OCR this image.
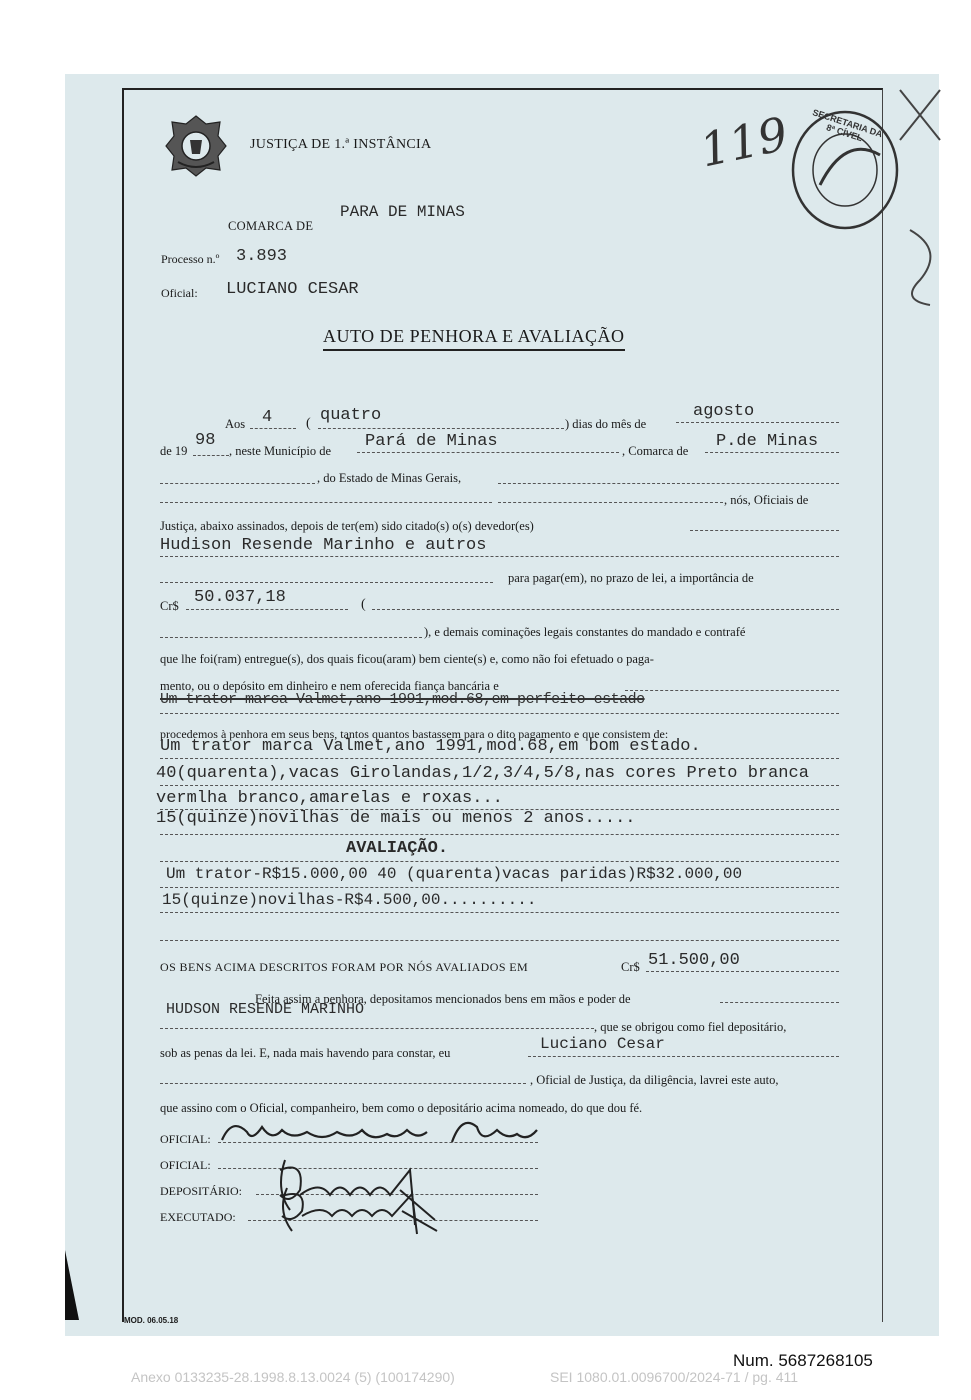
JUSTIÇA DE 1.ª INSTÂNCIA	119	SECRETARIA DA 8ª CÍVEL
COMARCA DE
PARA DE MINAS
Processo n.º 3.893
Oficial: LUCIANO CESAR
AUTO DE PENHORA E AVALIAÇÃO
Aos 4 ( quatro	) dias do mês de
agosto
de 19
98
, neste Município de Pará de Minas	, Comarca de P.de Minas
, do Estado de Minas Gerais,
, nós, Oficiais de
Justiça, abaixo assinados, depois de ter(em) sido citado(s) o(s) devedor(es)
Hudison Resende Marinho e autros
para pagar(em), no prazo de lei, a importância de
Cr$ 50.037,18	(
), e demais cominações legais constantes do mandado e contrafé
que lhe foi(ram) entregue(s), dos quais ficou(aram) bem ciente(s) e, como não foi efetuado o paga-
mento, ou o depósito em dinheiro e nem oferecida fiança bancária e
Um trator marca Valmet,ano 1991,mod.68,em perfeito estado
procedemos à penhora em seus bens, tantos quantos bastassem para o dito pagamento e que consistem de:
Um trator marca Valmet,ano 1991,mod.68,em bom estado.
40(quarenta),vacas Girolandas,1/2,3/4,5/8,nas cores Preto branca
vermlha branco,amarelas e roxas...
15(quinze)novilhas de mais ou menos 2 anos.....
AVALIAÇÃO.
Um trator-R$15.000,00 40 (quarenta)vacas paridas)R$32.000,00
15(quinze)novilhas-R$4.500,00..........
OS BENS ACIMA DESCRITOS FORAM POR NÓS AVALIADOS EM	Cr$ 51.500,00
Feita assim a penhora, depositamos mencionados bens em mãos e poder de
HUDSON RESENDE MARINHO
, que se obrigou como fiel depositário,
sob as penas da lei. E, nada mais havendo para constar, eu	Luciano Cesar
, Oficial de Justiça, da diligência, lavrei este auto,
que assino com o Oficial, companheiro, bem como o depositário acima nomeado, do que dou fé.
OFICIAL:
OFICIAL:
DEPOSITÁRIO:
EXECUTADO:
MOD. 06.05.18
Num. 5687268105
Anexo 0133235-28.1998.8.13.0024 (5) (100174290)	SEI 1080.01.0096700/2024-71 / pg. 411
